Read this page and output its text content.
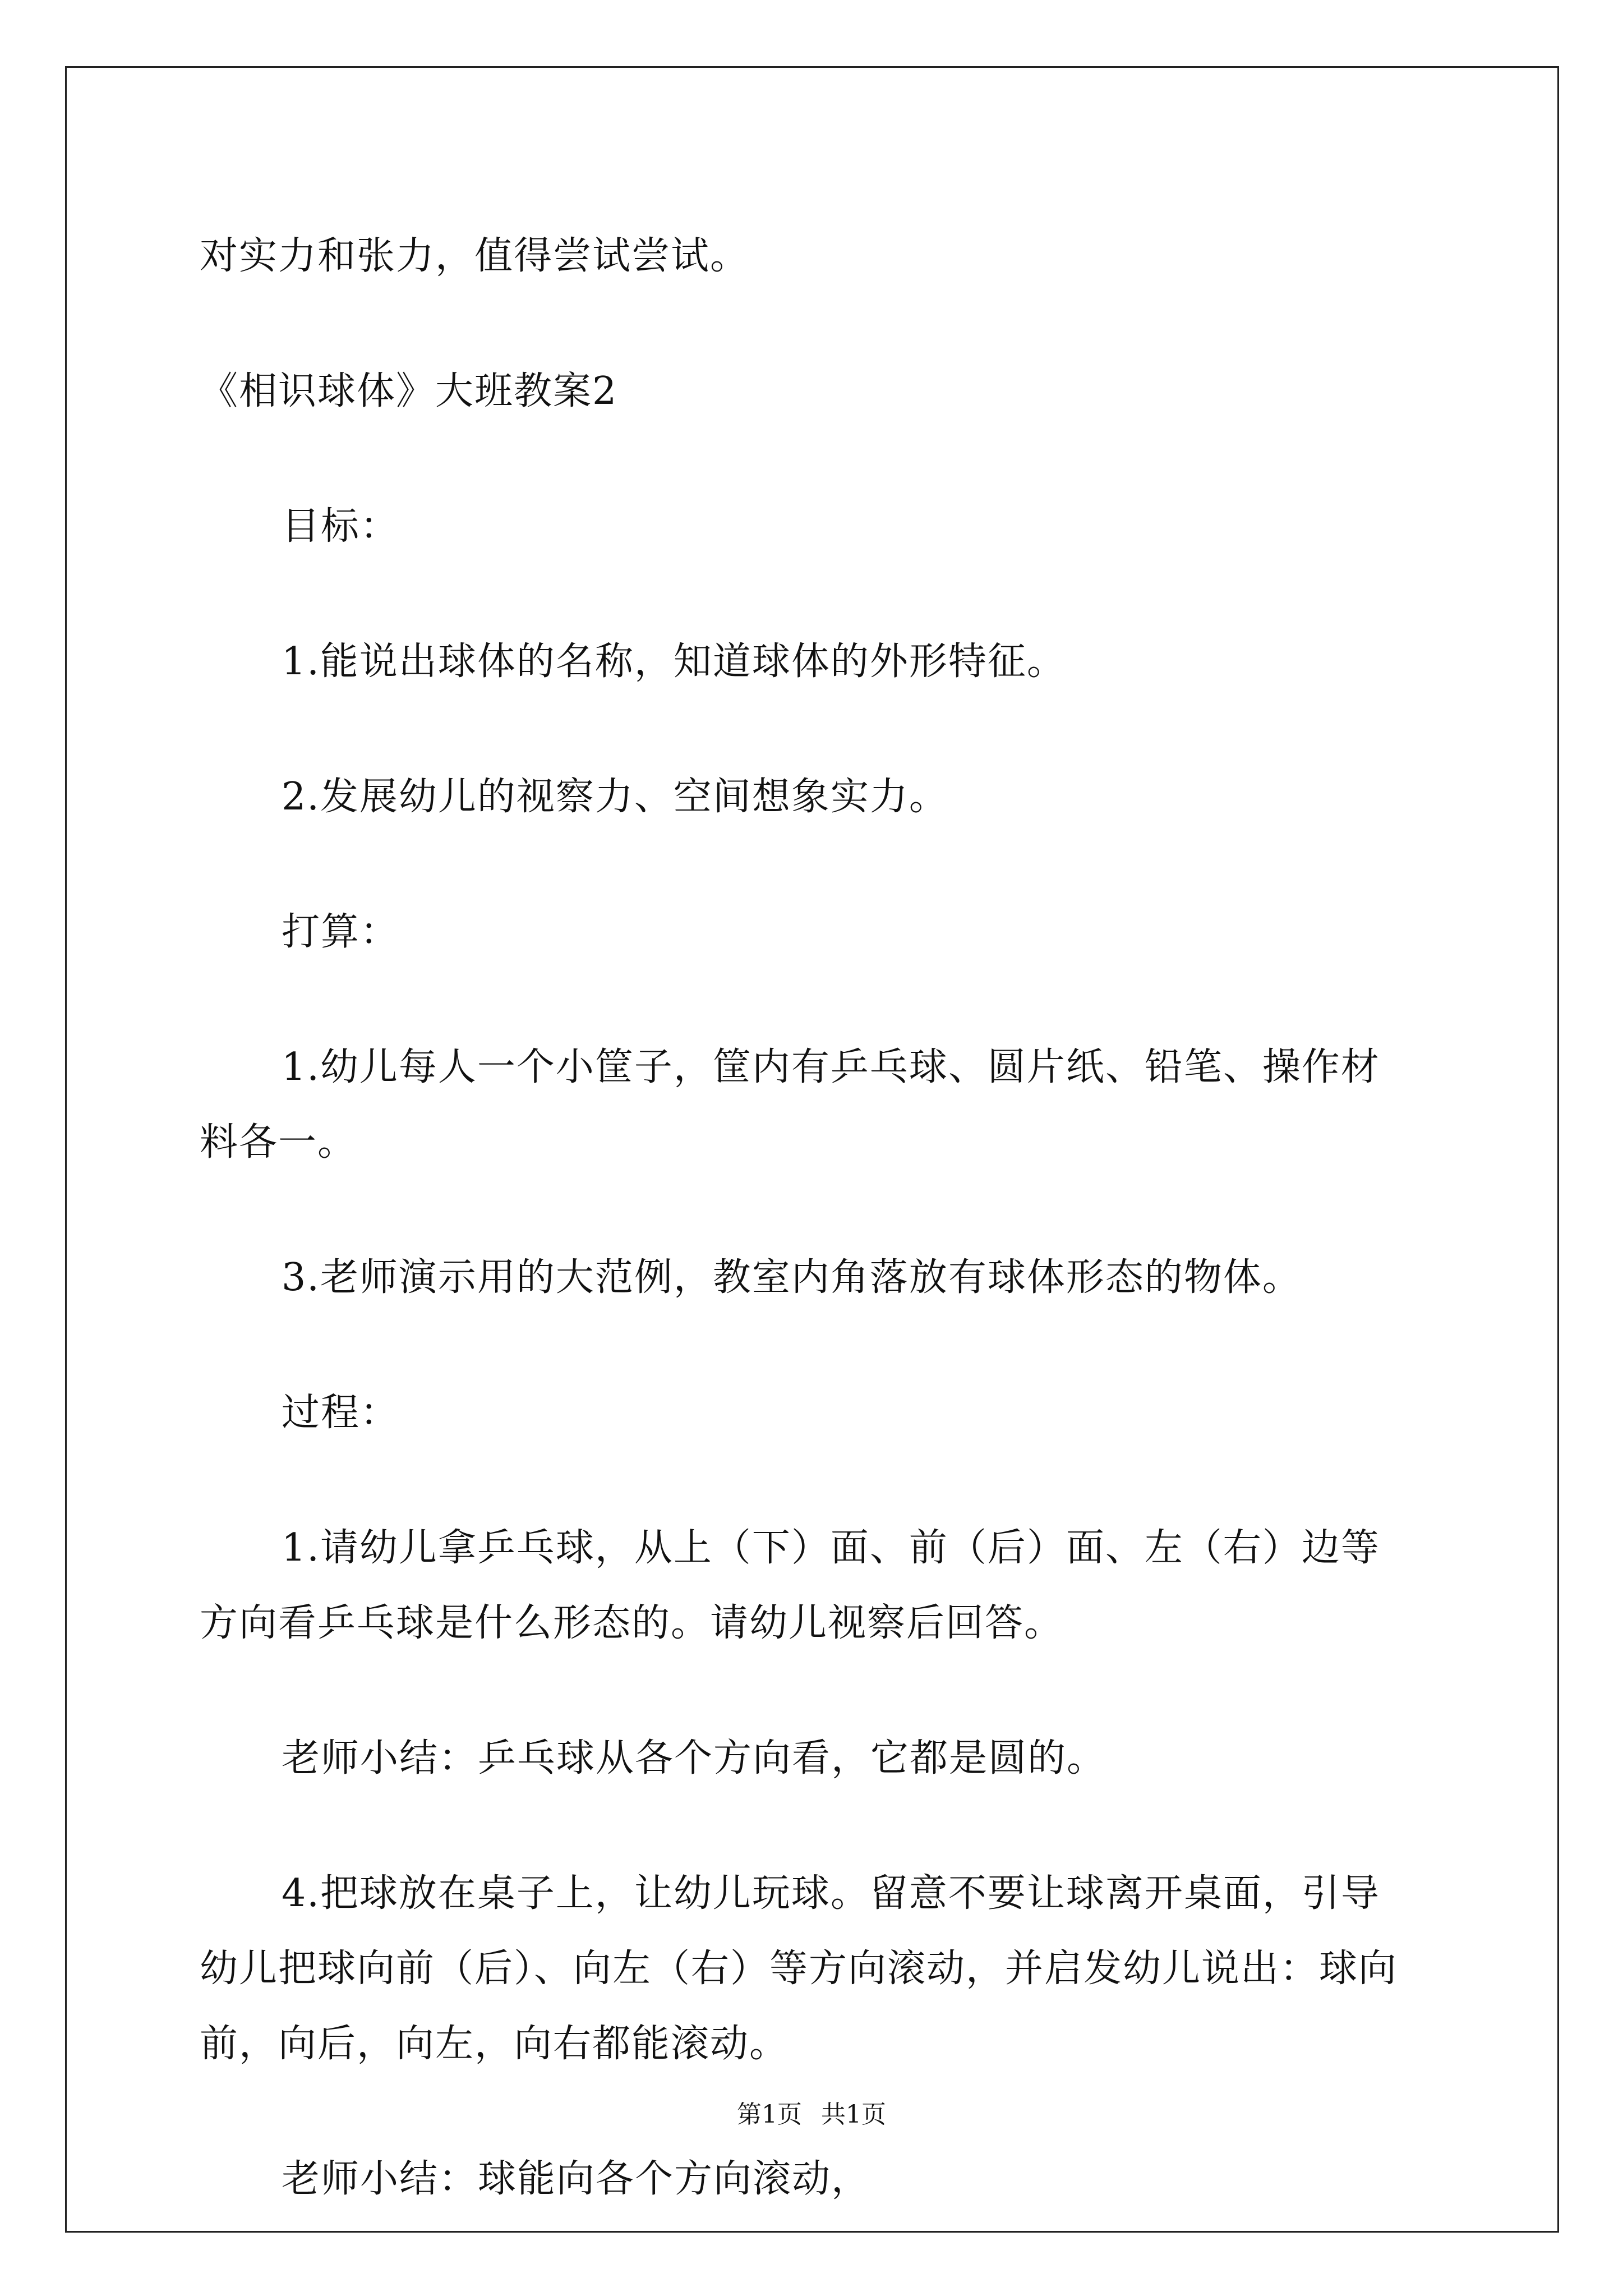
对实力和张力，值得尝试尝试。

《相识球体》大班教案2

目标：

1.能说出球体的名称，知道球体的外形特征。

2.发展幼儿的视察力、空间想象实力。

打算：

1.幼儿每人一个小筐子，筐内有乒乓球、圆片纸、铅笔、操作材

料各一。

3.老师演示用的大范例，教室内角落放有球体形态的物体。

过程：

1.请幼儿拿乒乓球，从上（下）面、前（后）面、左（右）边等

方向看乒乓球是什么形态的。请幼儿视察后回答。

老师小结：乒乓球从各个方向看，它都是圆的。

4.把球放在桌子上，让幼儿玩球。留意不要让球离开桌面，引导

幼儿把球向前（后）、向左（右）等方向滚动，并启发幼儿说出：球向

前，向后，向左，向右都能滚动。

老师小结：球能向各个方向滚动，

第1页 共1页
